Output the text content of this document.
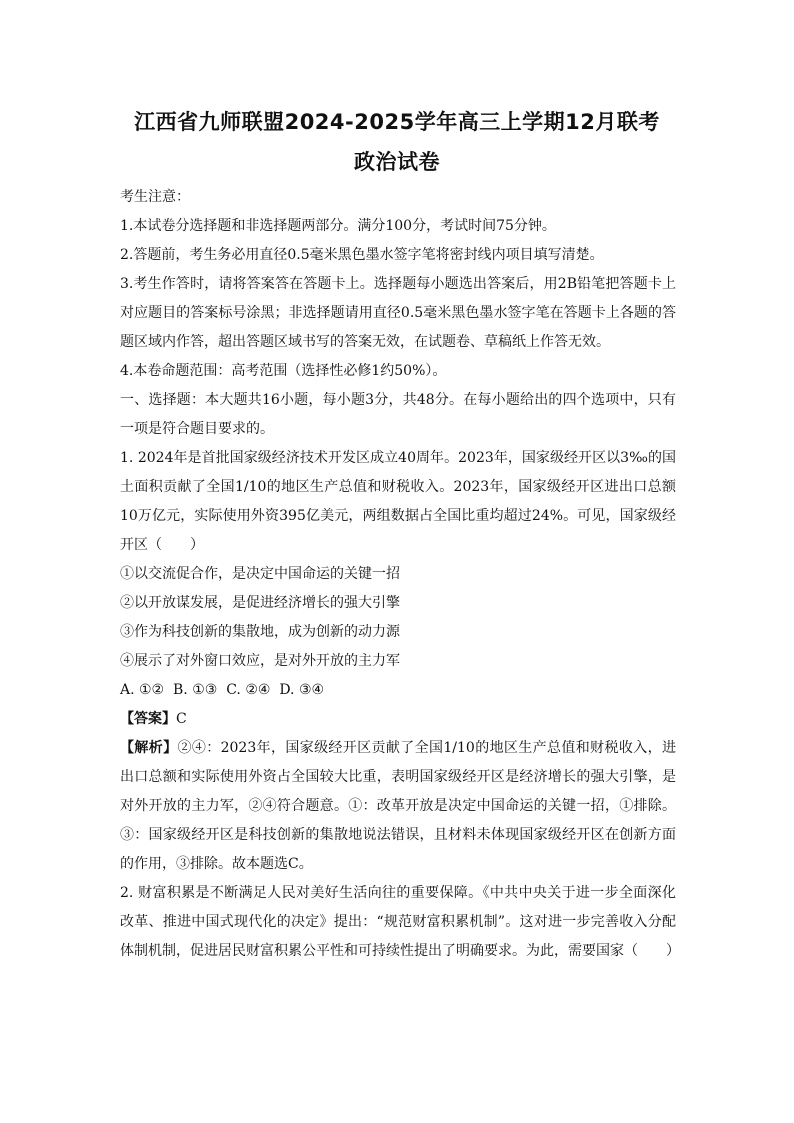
江西省九师联盟2024-2025学年高三上学期12月联考
政治试卷

考生注意：

1.本试卷分选择题和非选择题两部分。满分100分，考试时间75分钟。

2.答题前，考生务必用直径0.5毫米黑色墨水签字笔将密封线内项目填写清楚。

3.考生作答时，请将答案答在答题卡上。选择题每小题选出答案后，用2B铅笔把答题卡上对应题目的答案标号涂黑；非选择题请用直径0.5毫米黑色墨水签字笔在答题卡上各题的答题区域内作答，超出答题区域书写的答案无效，在试题卷、草稿纸上作答无效。

4.本卷命题范围：高考范围（选择性必修1约50%）。

一、选择题：本大题共16小题，每小题3分，共48分。在每小题给出的四个选项中，只有一项是符合题目要求的。

1. 2024年是首批国家级经济技术开发区成立40周年。2023年，国家级经开区以3‰的国土面积贡献了全国1/10的地区生产总值和财税收入。2023年，国家级经开区进出口总额10万亿元，实际使用外资395亿美元，两组数据占全国比重均超过24%。可见，国家级经开区（　　）

①以交流促合作，是决定中国命运的关键一招

②以开放谋发展，是促进经济增长的强大引擎

③作为科技创新的集散地，成为创新的动力源

④展示了对外窗口效应，是对外开放的主力军

A. ①②  B. ①③  C. ②④  D. ③④

【答案】C

【解析】②④：2023年，国家级经开区贡献了全国1/10的地区生产总值和财税收入，进出口总额和实际使用外资占全国较大比重，表明国家级经开区是经济增长的强大引擎，是对外开放的主力军，②④符合题意。①：改革开放是决定中国命运的关键一招，①排除。③：国家级经开区是科技创新的集散地说法错误，且材料未体现国家级经开区在创新方面的作用，③排除。故本题选C。

2. 财富积累是不断满足人民对美好生活向往的重要保障。《中共中央关于进一步全面深化改革、推进中国式现代化的决定》提出：“规范财富积累机制”。这对进一步完善收入分配体制机制，促进居民财富积累公平性和可持续性提出了明确要求。为此，需要国家（　　）
